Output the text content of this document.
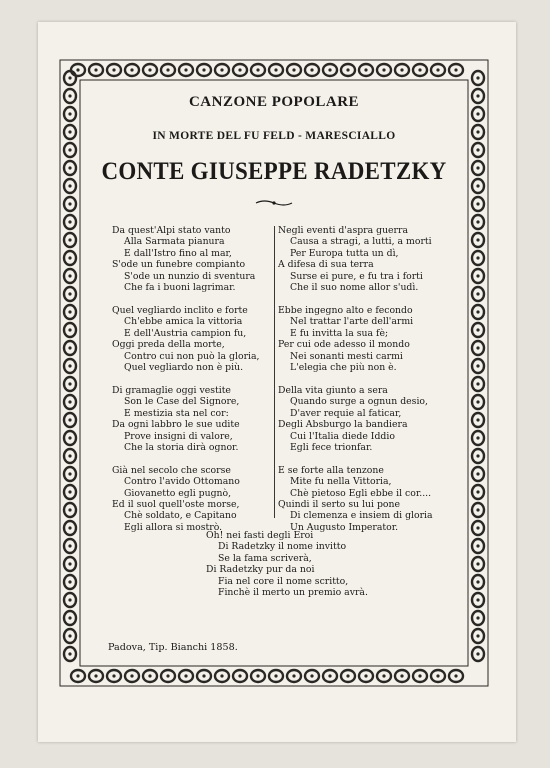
CANZONE POPOLARE
IN MORTE DEL FU FELD - MARESCIALLO
CONTE GIUSEPPE RADETZKY
Da quest'Alpi stato vanto
Alla Sarmata pianura
E dall'Istro fino al mar,
S'ode un funebre compianto
S'ode un nunzio di sventura
Che fa i buoni lagrimar.
Quel vegliardo inclito e forte
Ch'ebbe amica la vittoria
E dell'Austria campion fu,
Oggi preda della morte,
Contro cui non può la gloria,
Quel vegliardo non è più.
Di gramaglie oggi vestite
Son le Case del Signore,
E mestizia sta nel cor:
Da ogni labbro le sue udite
Prove insigni di valore,
Che la storia dirà ognor.
Già nel secolo che scorse
Contro l'avido Ottomano
Giovanetto egli pugnò,
Ed il suol quell'oste morse,
Chè soldato, e Capitano
Egli allora si mostrò.
Negli eventi d'aspra guerra
Causa a stragi, a lutti, a morti
Per Europa tutta un dì,
A difesa di sua terra
Surse ei pure, e fu tra i forti
Che il suo nome allor s'udì.
Ebbe ingegno alto e fecondo
Nel trattar l'arte dell'armi
E fu invitta la sua fè;
Per cui ode adesso il mondo
Nei sonanti mesti carmi
L'elegia che più non è.
Della vita giunto a sera
Quando surge a ognun desio,
D'aver requie al faticar,
Degli Absburgo la bandiera
Cui l'Italia diede Iddio
Egli fece trionfar.
E se forte alla tenzone
Mite fu nella Vittoria,
Chè pietoso Egli ebbe il cor....
Quindi il serto su lui pone
Di clemenza e insiem di gloria
Un Augusto Imperator.
Oh! nei fasti degli Eroi
Di Radetzky il nome invitto
Se la fama scriverà,
Di Radetzky pur da noi
Fia nel core il nome scritto,
Finchè il merto un premio avrà.
Padova, Tip. Bianchi 1858.
